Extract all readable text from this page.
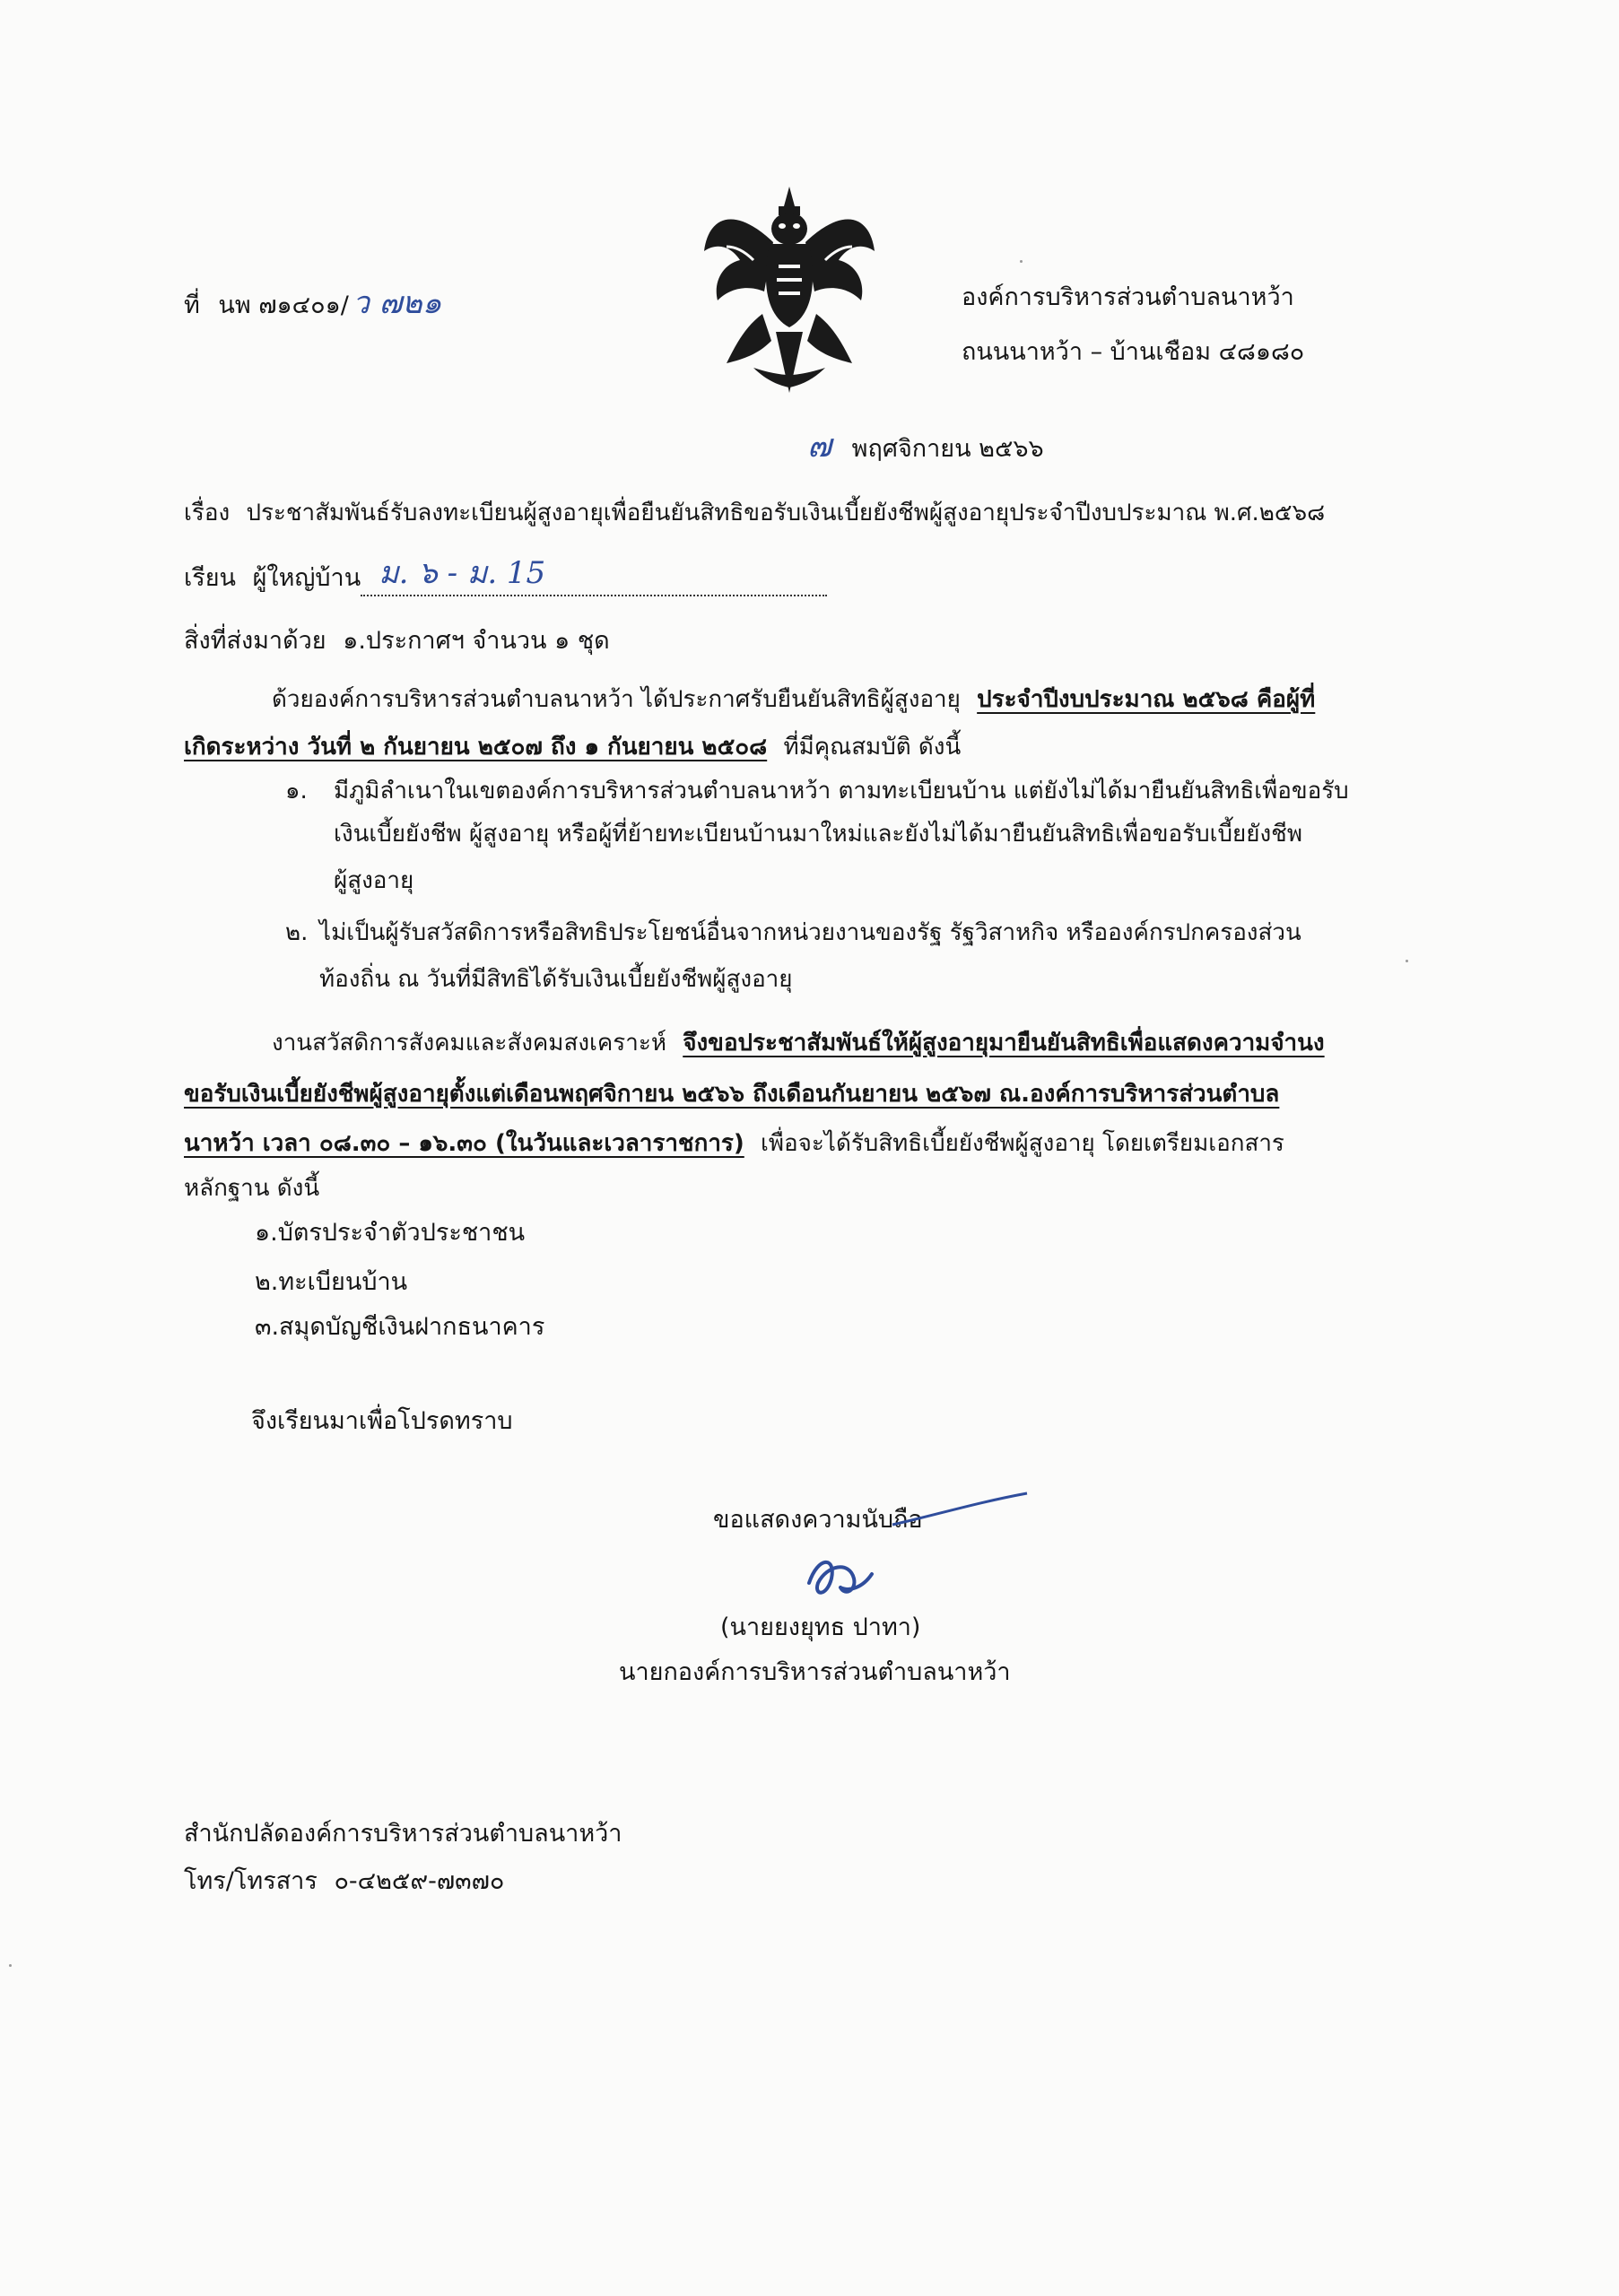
ที่ นพ ๗๑๔๐๑/ ว ๗๒๑	องค์การบริหารส่วนตำบลนาหว้า
ถนนนาหว้า – บ้านเชือม ๔๘๑๘๐
๗ พฤศจิกายน ๒๕๖๖
เรื่อง ประชาสัมพันธ์รับลงทะเบียนผู้สูงอายุเพื่อยืนยันสิทธิขอรับเงินเบี้ยยังชีพผู้สูงอายุประจำปีงบประมาณ พ.ศ.๒๕๖๘
เรียน ผู้ใหญ่บ้าน ม. ๖ - ม. 15
สิ่งที่ส่งมาด้วย ๑.ประกาศฯ จำนวน ๑ ชุด
ด้วยองค์การบริหารส่วนตำบลนาหว้า ได้ประกาศรับยืนยันสิทธิผู้สูงอายุ ประจำปีงบประมาณ ๒๕๖๘ คือผู้ที่
เกิดระหว่าง วันที่ ๒ กันยายน ๒๕๐๗ ถึง ๑ กันยายน ๒๕๐๘ ที่มีคุณสมบัติ ดังนี้
๑. มีภูมิลำเนาในเขตองค์การบริหารส่วนตำบลนาหว้า ตามทะเบียนบ้าน แต่ยังไม่ได้มายืนยันสิทธิเพื่อขอรับ
เงินเบี้ยยังชีพ ผู้สูงอายุ หรือผู้ที่ย้ายทะเบียนบ้านมาใหม่และยังไม่ได้มายืนยันสิทธิเพื่อขอรับเบี้ยยังชีพ
ผู้สูงอายุ
๒. ไม่เป็นผู้รับสวัสดิการหรือสิทธิประโยชน์อื่นจากหน่วยงานของรัฐ รัฐวิสาหกิจ หรือองค์กรปกครองส่วน
ท้องถิ่น ณ วันที่มีสิทธิได้รับเงินเบี้ยยังชีพผู้สูงอายุ
งานสวัสดิการสังคมและสังคมสงเคราะห์ จึงขอประชาสัมพันธ์ให้ผู้สูงอายุมายืนยันสิทธิเพื่อแสดงความจำนง
ขอรับเงินเบี้ยยังชีพผู้สูงอายุตั้งแต่เดือนพฤศจิกายน ๒๕๖๖ ถึงเดือนกันยายน ๒๕๖๗ ณ.องค์การบริหารส่วนตำบล
นาหว้า เวลา ๐๘.๓๐ – ๑๖.๓๐ (ในวันและเวลาราชการ) เพื่อจะได้รับสิทธิเบี้ยยังชีพผู้สูงอายุ โดยเตรียมเอกสาร
หลักฐาน ดังนี้
๑.บัตรประจำตัวประชาชน
๒.ทะเบียนบ้าน
๓.สมุดบัญชีเงินฝากธนาคาร
จึงเรียนมาเพื่อโปรดทราบ
ขอแสดงความนับถือ
(นายยงยุทธ ปาทา)
นายกองค์การบริหารส่วนตำบลนาหว้า
สำนักปลัดองค์การบริหารส่วนตำบลนาหว้า
โทร/โทรสาร ๐-๔๒๕๙-๗๓๗๐
